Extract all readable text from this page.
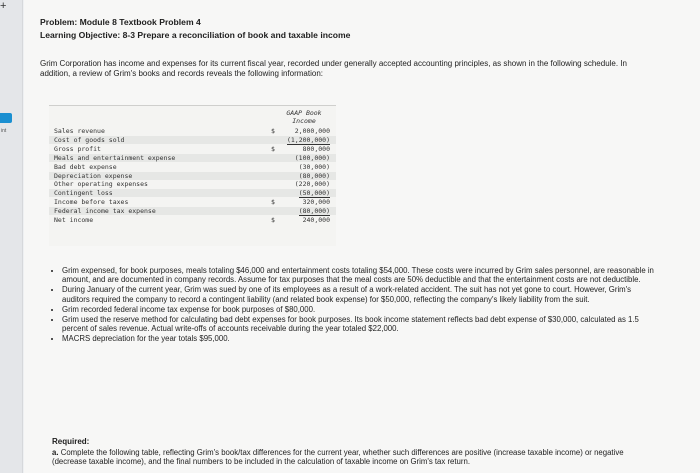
+
int
Problem: Module 8 Textbook Problem 4
Learning Objective: 8-3 Prepare a reconciliation of book and taxable income
Grim Corporation has income and expenses for its current fiscal year, recorded under generally accepted accounting principles, as shown in the following schedule. In addition, a review of Grim's books and records reveals the following information:
GAAP Book
Income
Sales revenue	$	2,000,000
Cost of goods sold	(1,200,000)
Gross profit	$	800,000
Meals and entertainment expense	(100,000)
Bad debt expense	(30,000)
Depreciation expense	(80,000)
Other operating expenses	(220,000)
Contingent loss	(50,000)
Income before taxes	$	320,000
Federal income tax expense	(80,000)
Net income	$	240,000
• Grim expensed, for book purposes, meals totaling $46,000 and entertainment costs totaling $54,000. These costs were incurred by Grim sales personnel, are reasonable in amount, and are documented in company records. Assume for tax purposes that the meal costs are 50% deductible and that the entertainment costs are not deductible.
• During January of the current year, Grim was sued by one of its employees as a result of a work-related accident. The suit has not yet gone to court. However, Grim's auditors required the company to record a contingent liability (and related book expense) for $50,000, reflecting the company's likely liability from the suit.
• Grim recorded federal income tax expense for book purposes of $80,000.
• Grim used the reserve method for calculating bad debt expenses for book purposes. Its book income statement reflects bad debt expense of $30,000, calculated as 1.5 percent of sales revenue. Actual write-offs of accounts receivable during the year totaled $22,000.
• MACRS depreciation for the year totals $95,000.
Required:
a. Complete the following table, reflecting Grim's book/tax differences for the current year, whether such differences are positive (increase taxable income) or negative (decrease taxable income), and the final numbers to be included in the calculation of taxable income on Grim's tax return.
